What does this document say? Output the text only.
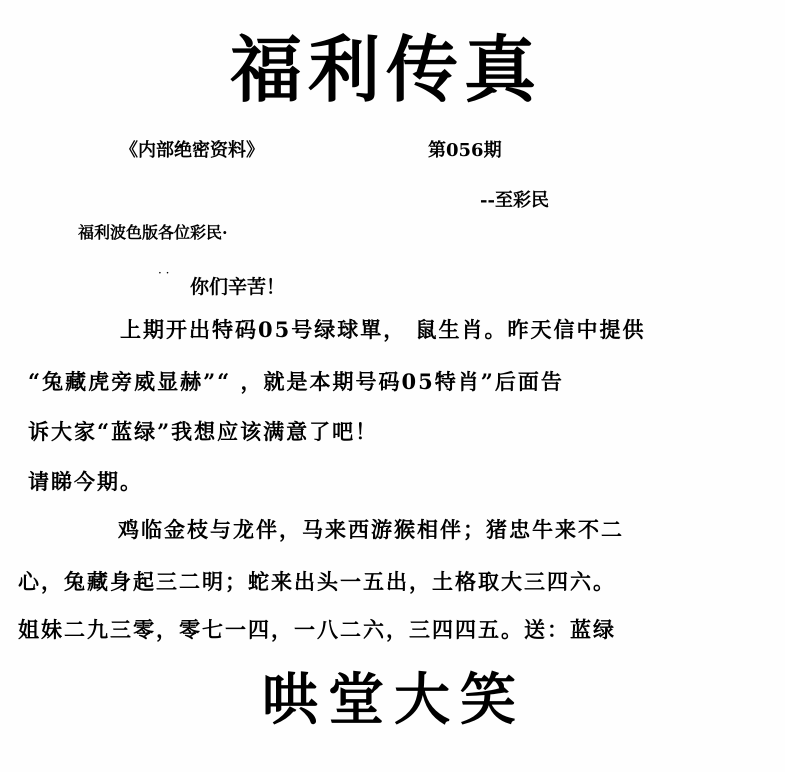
福利传真
《内部绝密资料》	第056期
--至彩民
福利波色版各位彩民·
· ·
你们辛苦！
上期开出特码05号绿球單， 鼠生肖。昨天信中提供
“兔藏虎旁威显赫”“ ，就是本期号码05特肖”后面告
诉大家“蓝绿”我想应该满意了吧！
请睇今期。
鸡临金枝与龙伴，马来西游猴相伴；猪忠牛来不二
心，兔藏身起三二明；蛇来出头一五出，土格取大三四六。
姐妹二九三零，零七一四，一八二六，三四四五。送：蓝绿
哄堂大笑
